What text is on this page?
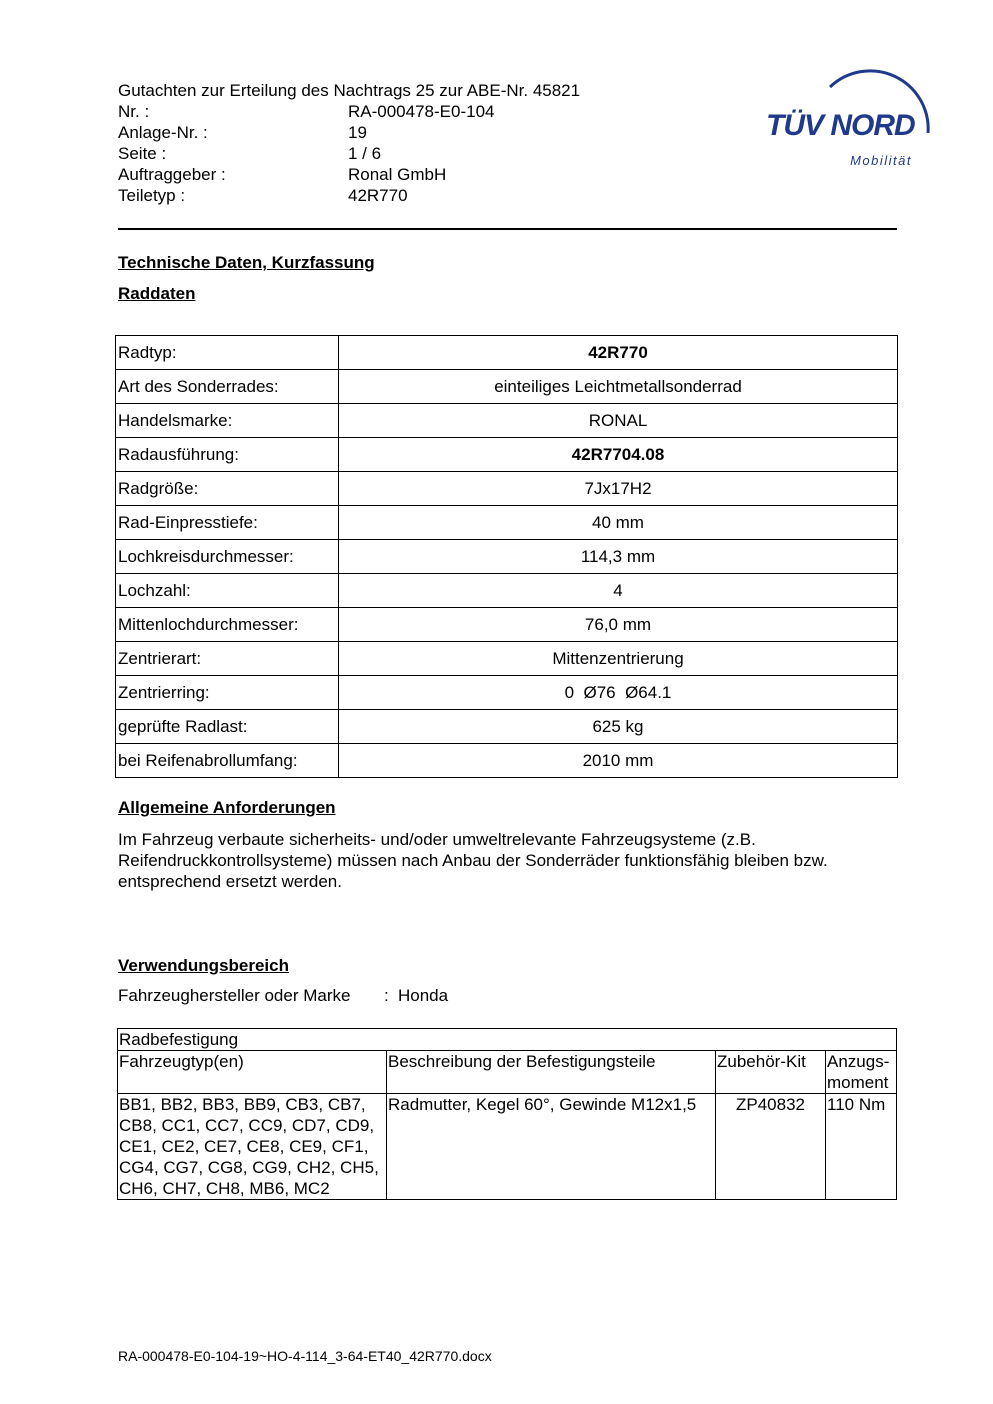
Gutachten zur Erteilung des Nachtrags 25 zur ABE-Nr. 45821
Nr. :	RA-000478-E0-104
Anlage-Nr. :	19
Seite :	1 / 6
Auftraggeber :	Ronal GmbH
Teiletyp :	42R770
TÜV NORD
Mobilität
Technische Daten, Kurzfassung
Raddaten
Radtyp:	42R770
Art des Sonderrades:	einteiliges Leichtmetallsonderrad
Handelsmarke:	RONAL
Radausführung:	42R7704.08
Radgröße:	7Jx17H2
Rad-Einpresstiefe:	40 mm
Lochkreisdurchmesser:	114,3 mm
Lochzahl:	4
Mittenlochdurchmesser:	76,0 mm
Zentrierart:	Mittenzentrierung
Zentrierring:	0  Ø76  Ø64.1
geprüfte Radlast:	625 kg
bei Reifenabrollumfang:	2010 mm
Allgemeine Anforderungen
Im Fahrzeug verbaute sicherheits- und/oder umweltrelevante Fahrzeugsysteme (z.B. Reifendruckkontrollsysteme) müssen nach Anbau der Sonderräder funktionsfähig bleiben bzw. entsprechend ersetzt werden.
Verwendungsbereich
Fahrzeughersteller oder Marke : Honda
Radbefestigung			
Fahrzeugtyp(en)	Beschreibung der Befestigungsteile	Zubehör-Kit	Anzugs-moment
BB1, BB2, BB3, BB9, CB3, CB7, CB8, CC1, CC7, CC9, CD7, CD9, CE1, CE2, CE7, CE8, CE9, CF1, CG4, CG7, CG8, CG9, CH2, CH5, CH6, CH7, CH8, MB6, MC2	Radmutter, Kegel 60°, Gewinde M12x1,5	ZP40832	110 Nm
RA-000478-E0-104-19~HO-4-114_3-64-ET40_42R770.docx
